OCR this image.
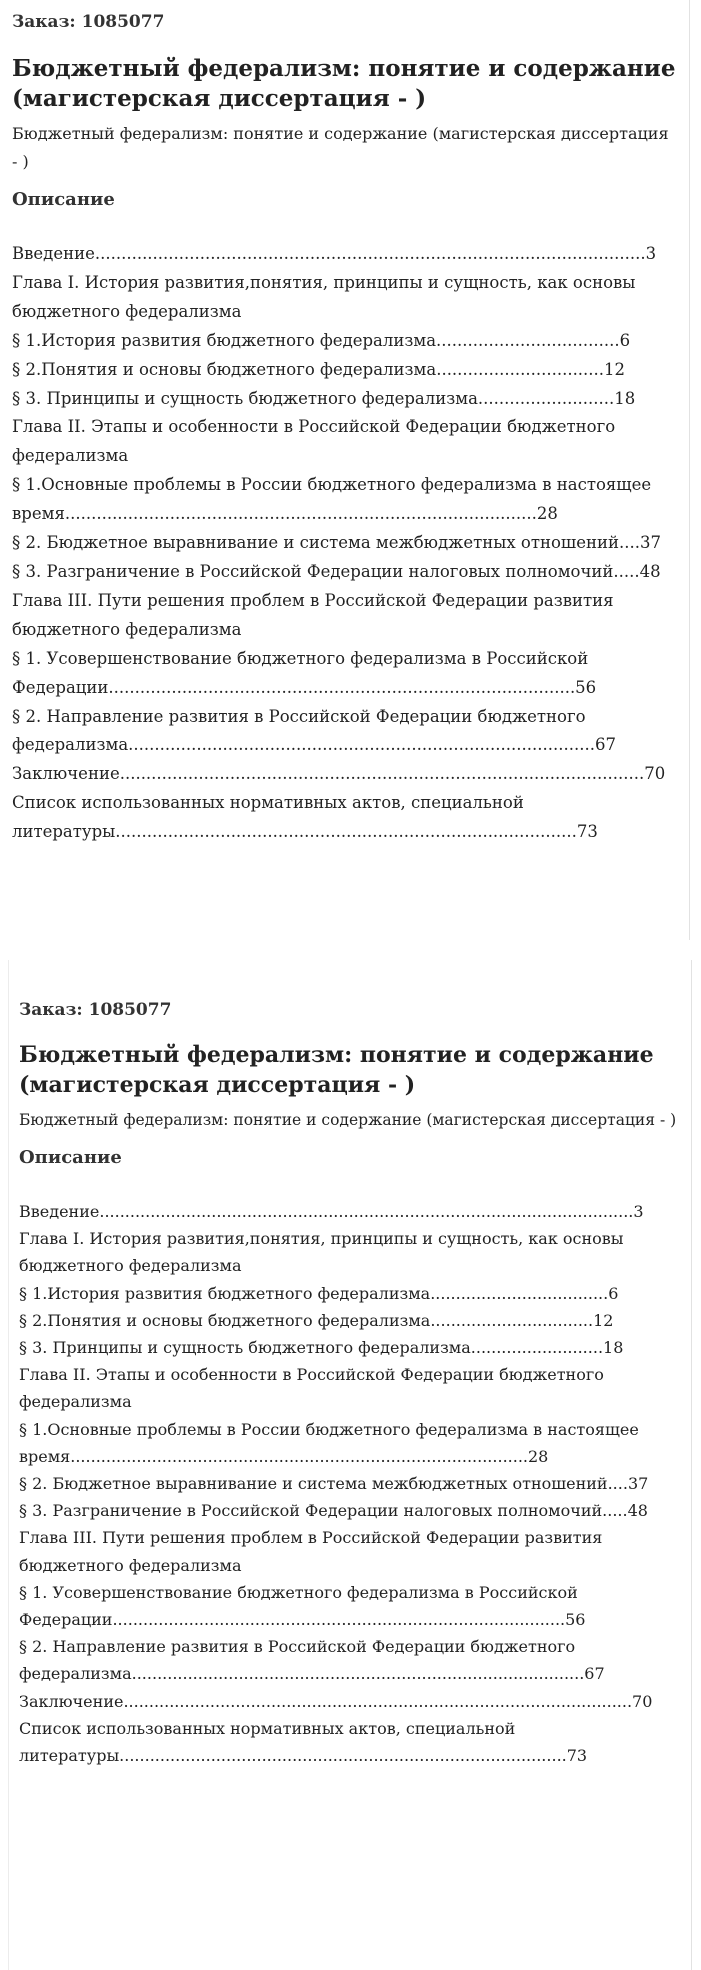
Заказ: 1085077
Бюджетный федерализм: понятие и содержание (магистерская диссертация - )
Бюджетный федерализм: понятие и содержание (магистерская диссертация - )
Описание
Введение.........................................................................................................3
Глава I. История развития,понятия, принципы и сущность, как основы бюджетного федерализма
§ 1.История развития бюджетного федерализма...................................6
§ 2.Понятия и основы бюджетного федерализма................................12
§ 3. Принципы и сущность бюджетного федерализма..........................18
Глава II. Этапы и особенности в Российской Федерации бюджетного федерализма
§ 1.Основные проблемы в России бюджетного федерализма в настоящее время..........................................................................................28
§ 2. Бюджетное выравнивание и система межбюджетных отношений....37
§ 3. Разграничение в Российской Федерации налоговых полномочий.....48
Глава III. Пути решения проблем в Российской Федерации развития бюджетного федерализма
§ 1. Усовершенствование бюджетного федерализма в Российской Федерации.........................................................................................56
§ 2. Направление развития в Российской Федерации бюджетного федерализма.........................................................................................67
Заключение....................................................................................................70
Список использованных нормативных актов, специальной литературы........................................................................................73
Заказ: 1085077
Бюджетный федерализм: понятие и содержание (магистерская диссертация - )
Бюджетный федерализм: понятие и содержание (магистерская диссертация - )
Описание
Введение.........................................................................................................3
Глава I. История развития,понятия, принципы и сущность, как основы бюджетного федерализма
§ 1.История развития бюджетного федерализма...................................6
§ 2.Понятия и основы бюджетного федерализма................................12
§ 3. Принципы и сущность бюджетного федерализма..........................18
Глава II. Этапы и особенности в Российской Федерации бюджетного федерализма
§ 1.Основные проблемы в России бюджетного федерализма в настоящее время..........................................................................................28
§ 2. Бюджетное выравнивание и система межбюджетных отношений....37
§ 3. Разграничение в Российской Федерации налоговых полномочий.....48
Глава III. Пути решения проблем в Российской Федерации развития бюджетного федерализма
§ 1. Усовершенствование бюджетного федерализма в Российской Федерации.........................................................................................56
§ 2. Направление развития в Российской Федерации бюджетного федерализма.........................................................................................67
Заключение....................................................................................................70
Список использованных нормативных актов, специальной литературы........................................................................................73
